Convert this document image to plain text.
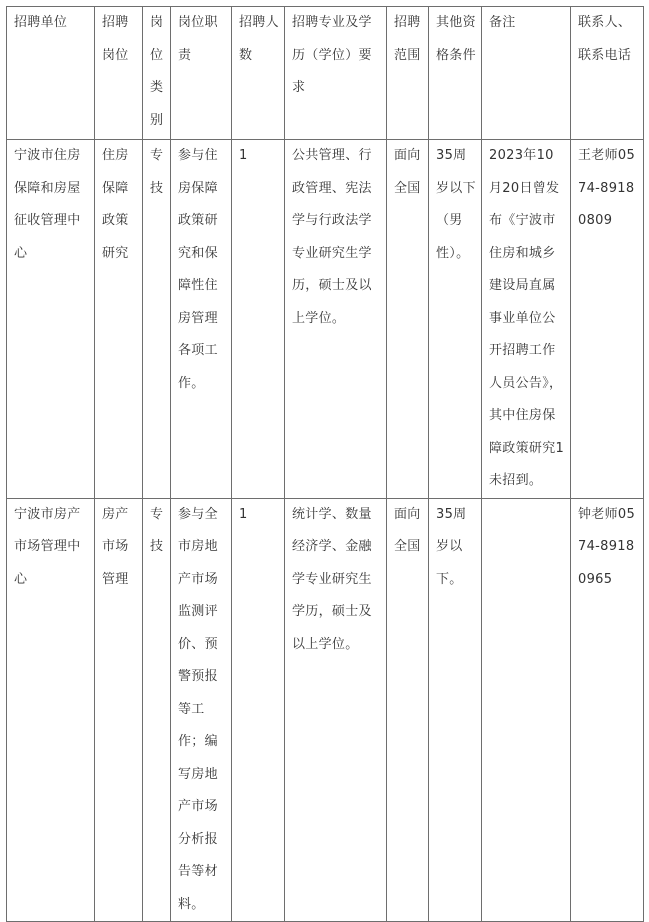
招聘单位	招聘岗位	岗位类别	岗位职责	招聘人数	招聘专业及学历（学位）要求	招聘范围	其他资格条件	备注	联系人、联系电话
宁波市住房保障和房屋征收管理中心	住房保障政策研究	专技	参与住房保障政策研究和保障性住房管理各项工作。	1	公共管理、行政管理、宪法学与行政法学专业研究生学历，硕士及以上学位。	面向全国	35周岁以下（男性）。	2023年10月20日曾发布《宁波市住房和城乡建设局直属事业单位公开招聘工作人员公告》，其中住房保障政策研究1未招到。	王老师0574-89180809
宁波市房产市场管理中心	房产市场管理	专技	参与全市房地产市场监测评价、预警预报等工作；编写房地产市场分析报告等材料。	1	统计学、数量经济学、金融学专业研究生学历，硕士及以上学位。	面向全国	35周岁以下。		钟老师0574-89180965
